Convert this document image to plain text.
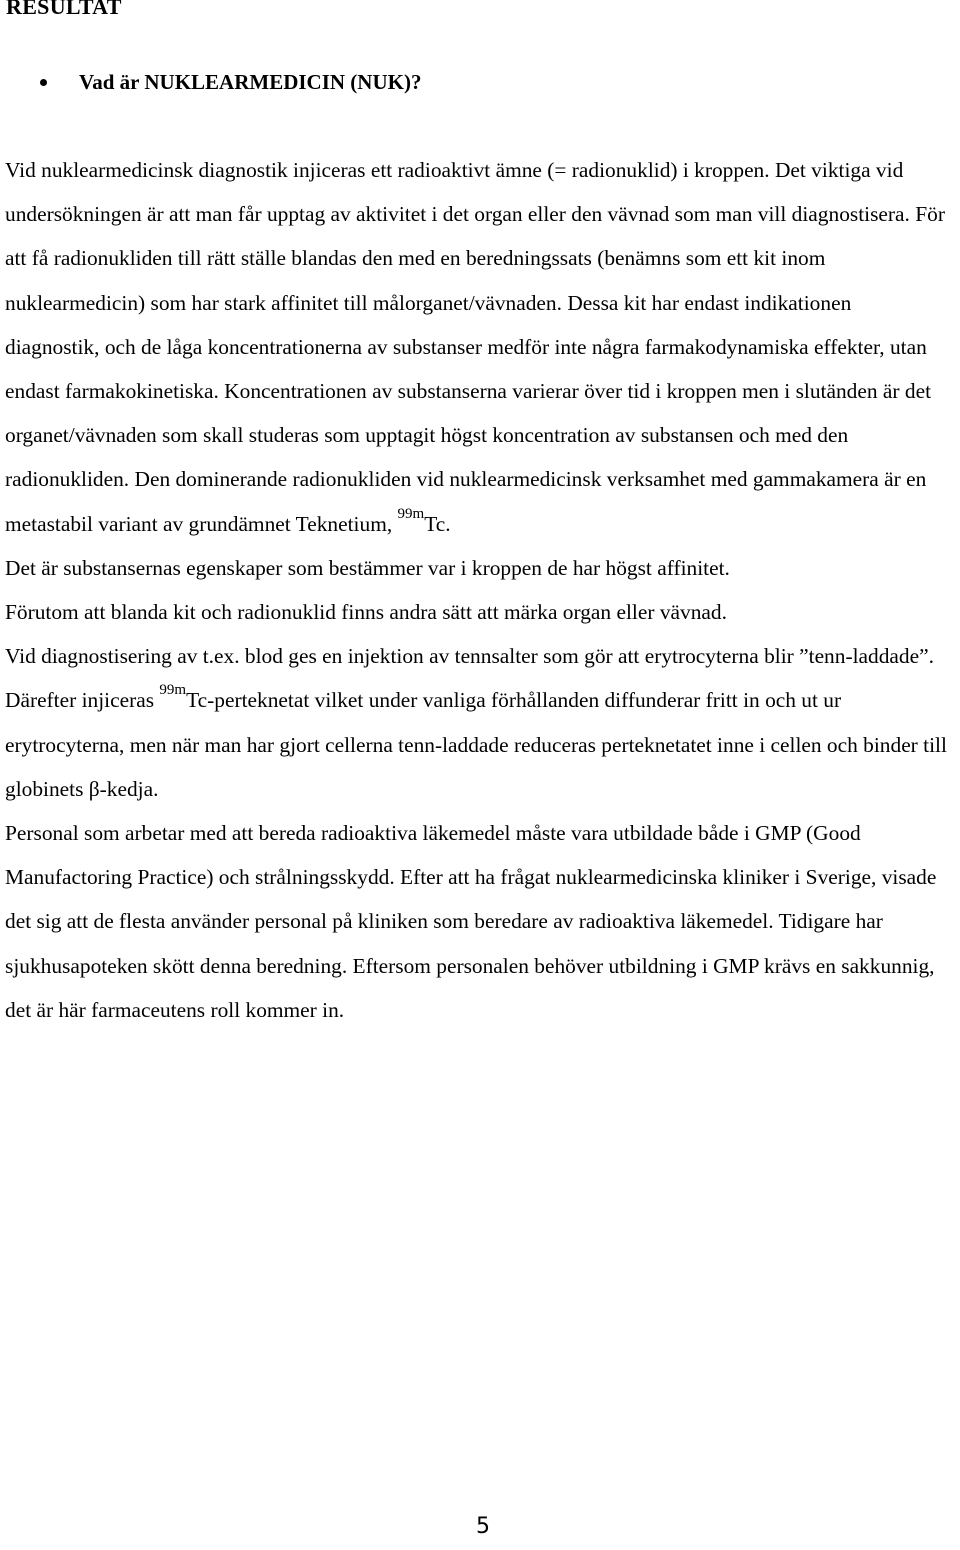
RESULTAT
Vad är NUKLEARMEDICIN (NUK)?

Vid nuklearmedicinsk diagnostik injiceras ett radioaktivt ämne (= radionuklid) i kroppen. Det viktiga vid undersökningen är att man får upptag av aktivitet i det organ eller den vävnad som man vill diagnostisera. För att få radionukliden till rätt ställe blandas den med en beredningssats (benämns som ett kit inom nuklearmedicin) som har stark affinitet till målorganet/vävnaden. Dessa kit har endast indikationen diagnostik, och de låga koncentrationerna av substanser medför inte några farmakodynamiska effekter, utan endast farmakokinetiska. Koncentrationen av substanserna varierar över tid i kroppen men i slutänden är det organet/vävnaden som skall studeras som upptagit högst koncentration av substansen och med den radionukliden. Den dominerande radionukliden vid nuklearmedicinsk verksamhet med gammakamera är en metastabil variant av grundämnet Teknetium, $^{99m}$Tc.

Det är substansernas egenskaper som bestämmer var i kroppen de har högst affinitet.

Förutom att blanda kit och radionuklid finns andra sätt att märka organ eller vävnad.

Vid diagnostisering av t.ex. blod ges en injektion av tennsalter som gör att erytrocyterna blir ”tenn-laddade”. Därefter injiceras $^{99m}$Tc-perteknetat vilket under vanliga förhållanden diffunderar fritt in och ut ur erytrocyterna, men när man har gjort cellerna tenn-laddade reduceras perteknetatet inne i cellen och binder till globinets β-kedja.

Personal som arbetar med att bereda radioaktiva läkemedel måste vara utbildade både i GMP (Good Manufactoring Practice) och strålningsskydd. Efter att ha frågat nuklearmedicinska kliniker i Sverige, visade det sig att de flesta använder personal på kliniken som beredare av radioaktiva läkemedel. Tidigare har sjukhusapoteken skött denna beredning. Eftersom personalen behöver utbildning i GMP krävs en sakkunnig, det är här farmaceutens roll kommer in.

5
